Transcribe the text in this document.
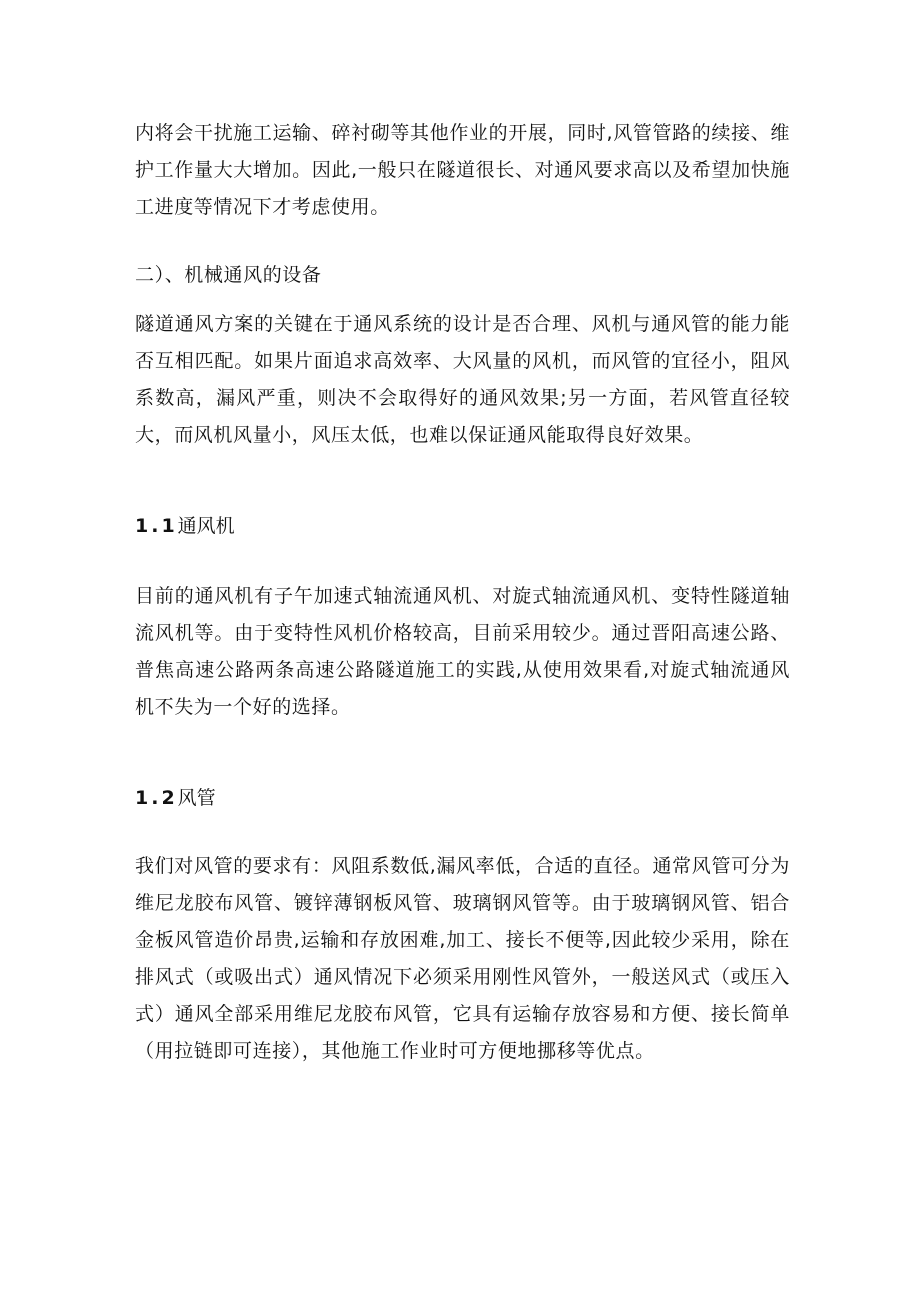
内将会干扰施工运输、碎衬砌等其他作业的开展，同时,风管管路的续接、维护工作量大大增加。因此,一般只在隧道很长、对通风要求高以及希望加快施工进度等情况下才考虑使用。

二）、机械通风的设备

隧道通风方案的关键在于通风系统的设计是否合理、风机与通风管的能力能否互相匹配。如果片面追求高效率、大风量的风机，而风管的宜径小，阻风系数高，漏风严重，则决不会取得好的通风效果;另一方面，若风管直径较大，而风机风量小，风压太低，也难以保证通风能取得良好效果。

1.1通风机

目前的通风机有子午加速式轴流通风机、对旋式轴流通风机、变特性隧道轴流风机等。由于变特性风机价格较高，目前采用较少。通过晋阳高速公路、普焦高速公路两条高速公路隧道施工的实践,从使用效果看,对旋式轴流通风机不失为一个好的选择。

1.2风管

我们对风管的要求有：风阻系数低,漏风率低，合适的直径。通常风管可分为维尼龙胶布风管、镀锌薄钢板风管、玻璃钢风管等。由于玻璃钢风管、铝合金板风管造价昂贵,运输和存放困难,加工、接长不便等,因此较少采用，除在排风式（或吸出式）通风情况下必须采用刚性风管外，一般送风式（或压入式）通风全部采用维尼龙胶布风管，它具有运输存放容易和方便、接长简单（用拉链即可连接），其他施工作业时可方便地挪移等优点。
